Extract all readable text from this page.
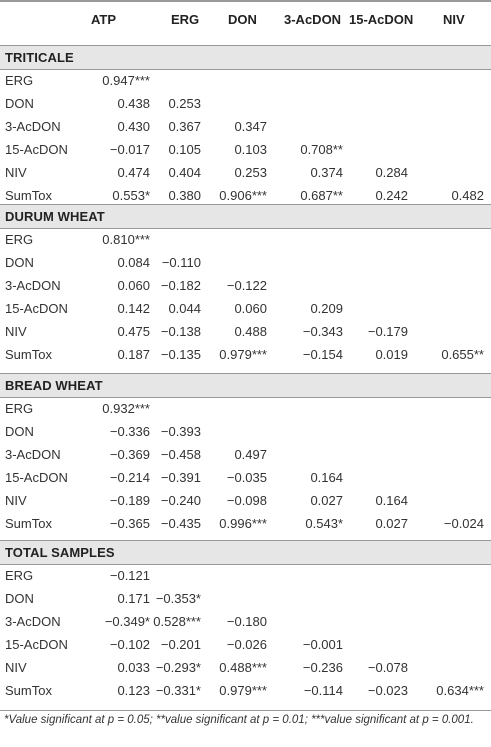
ATP	ERG DON 3-AcDON 15-AcDON NIV
TRITICALE
ERG	0.947***
DON	0.438 0.253
3-AcDON	0.430 0.367	0.347
15-AcDON	−0.017 0.105	0.103	0.708**
NIV	0.474 0.404	0.253	0.374 0.284
SumTox	0.553* 0.380 0.906***	0.687** 0.242	0.482
DURUM WHEAT
ERG	0.810***
DON	0.084 −0.110
3-AcDON	0.060 −0.182 −0.122
15-AcDON	0.142 0.044	0.060	0.209
NIV	0.475 −0.138	0.488	−0.343 −0.179
SumTox	0.187 −0.135 0.979***	−0.154 0.019	0.655**
BREAD WHEAT
ERG	0.932***
DON	−0.336 −0.393
3-AcDON	−0.369 −0.458	0.497
15-AcDON	−0.214 −0.391 −0.035	0.164
NIV	−0.189 −0.240 −0.098	0.027 0.164
SumTox	−0.365 −0.435 0.996***	0.543* 0.027	−0.024
TOTAL SAMPLES
ERG	−0.121
DON	0.171 −0.353*
3-AcDON	−0.349* 0.528*** −0.180
15-AcDON	−0.102 −0.201 −0.026	−0.001
NIV	0.033 −0.293* 0.488***	−0.236 −0.078
SumTox	0.123 −0.331* 0.979***	−0.114 −0.023 0.634***
*Value significant at p = 0.05; **value significant at p = 0.01; ***value significant at p = 0.001.
